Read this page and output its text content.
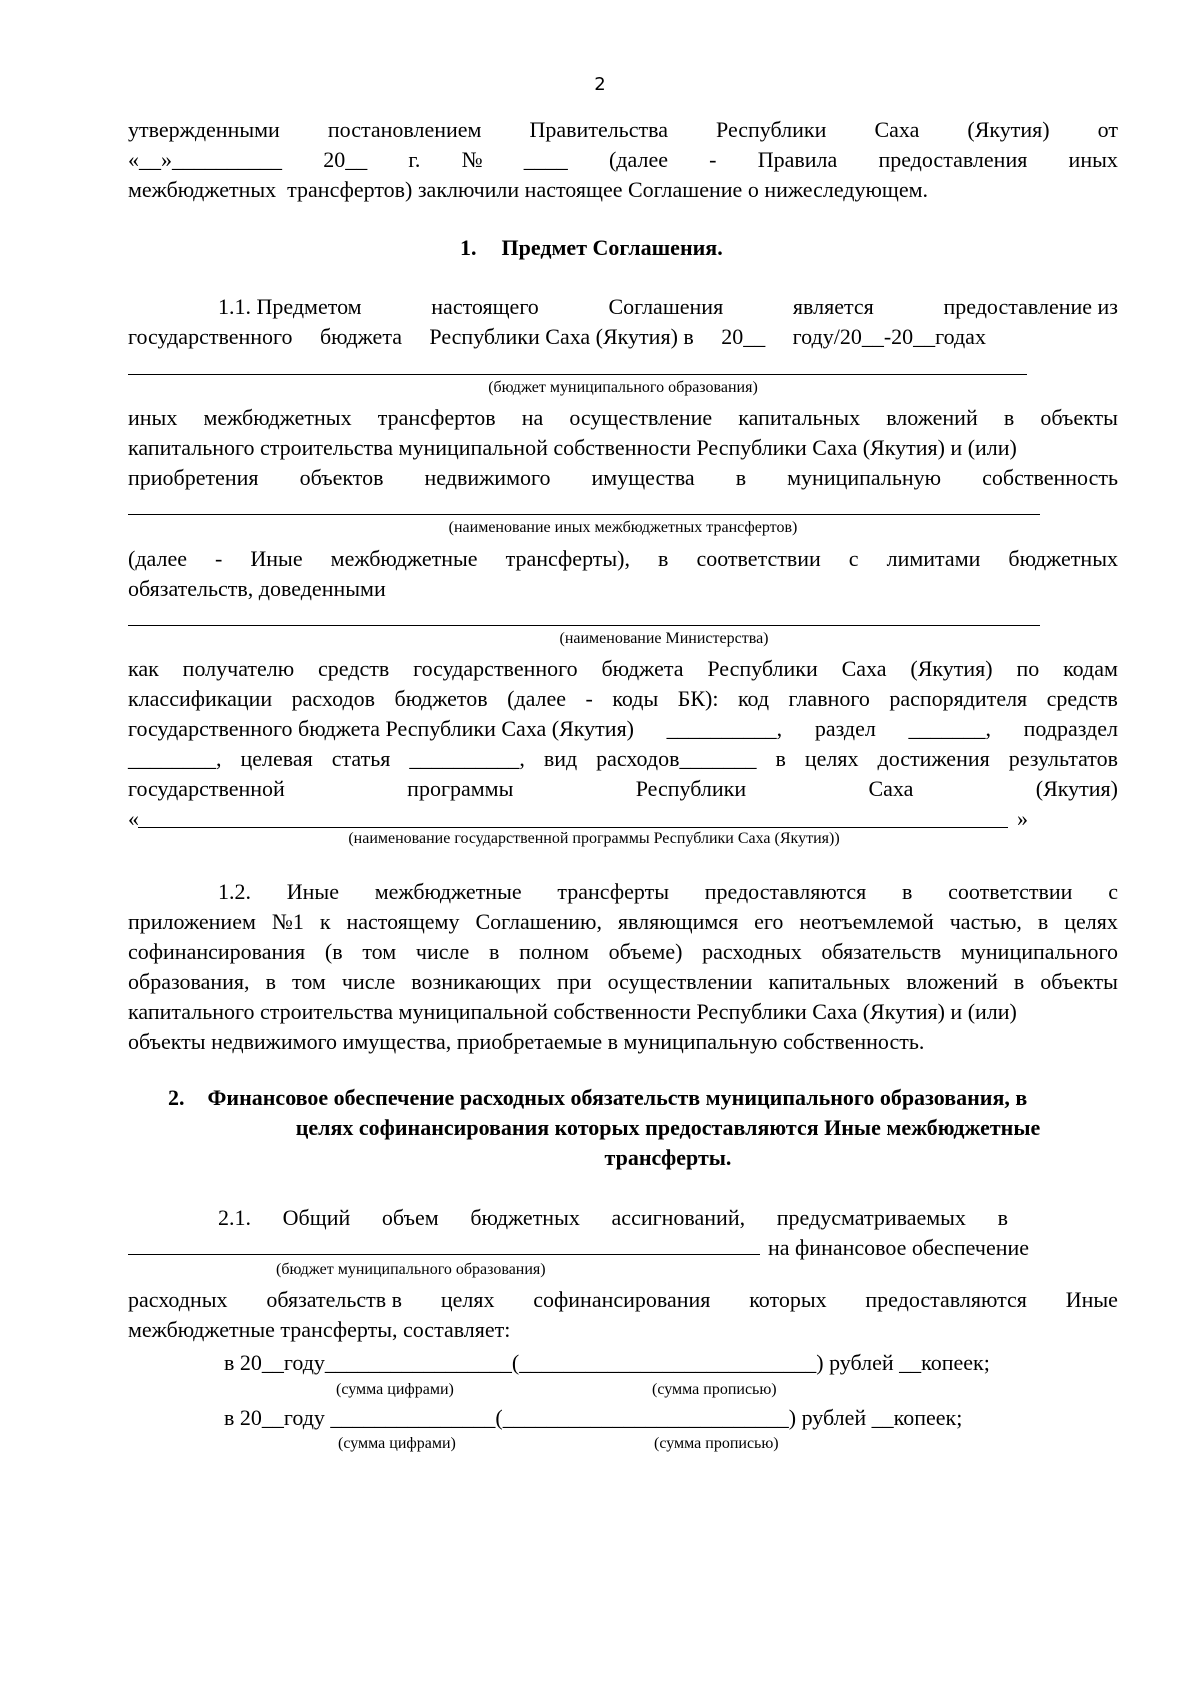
2
утвержденными постановлением Правительства Республики Саха (Якутия) от
«__»__________ 20__ г. № ____ (далее - Правила предоставления иных
межбюджетных  трансфертов) заключили настоящее Соглашение о нижеследующем.
1. Предмет Соглашения.
1.1. Предметом	настоящего	Соглашения	является	предоставление из
государственного бюджета Республики Саха (Якутия) в 20__ году/20__-20__годах
(бюджет муниципального образования)
иных межбюджетных трансфертов на осуществление капитальных вложений в объекты
капитального строительства муниципальной собственности Республики Саха (Якутия) и (или)
приобретения объектов недвижимого имущества в муниципальную собственность
(наименование иных межбюджетных трансфертов)
(далее - Иные межбюджетные трансферты), в соответствии с лимитами бюджетных
обязательств, доведенными
(наименование Министерства)
как получателю средств государственного бюджета Республики Саха (Якутия) по кодам
классификации расходов бюджетов (далее - коды БК): код главного распорядителя средств
государственного бюджета Республики Саха (Якутия) __________, раздел _______, подраздел
________, целевая статья __________, вид расходов_______ в целях достижения результатов
государственной	программы	Республики	Саха	(Якутия)
«	»
(наименование государственной программы Республики Саха (Якутия))
1.2. Иные межбюджетные трансферты предоставляются в соответствии с
приложением №1 к настоящему Соглашению, являющимся его неотъемлемой частью, в целях
софинансирования (в том числе в полном объеме) расходных обязательств муниципального
образования, в том числе возникающих при осуществлении капитальных вложений в объекты
капитального строительства муниципальной собственности Республики Саха (Якутия) и (или)
объекты недвижимого имущества, приобретаемые в муниципальную собственность.
2. Финансовое обеспечение расходных обязательств муниципального образования, в
целях софинансирования которых предоставляются Иные межбюджетные
трансферты.
2.1. Общий объем бюджетных ассигнований, предусматриваемых в
на финансовое обеспечение
(бюджет муниципального образования)
расходных обязательств в целях софинансирования которых предоставляются Иные
межбюджетные трансферты, составляет:
в 20__году_________________(___________________________) рублей __копеек;
(сумма цифрами)	(сумма прописью)
в 20__году _______________(__________________________) рублей __копеек;
(сумма цифрами)	(сумма прописью)
